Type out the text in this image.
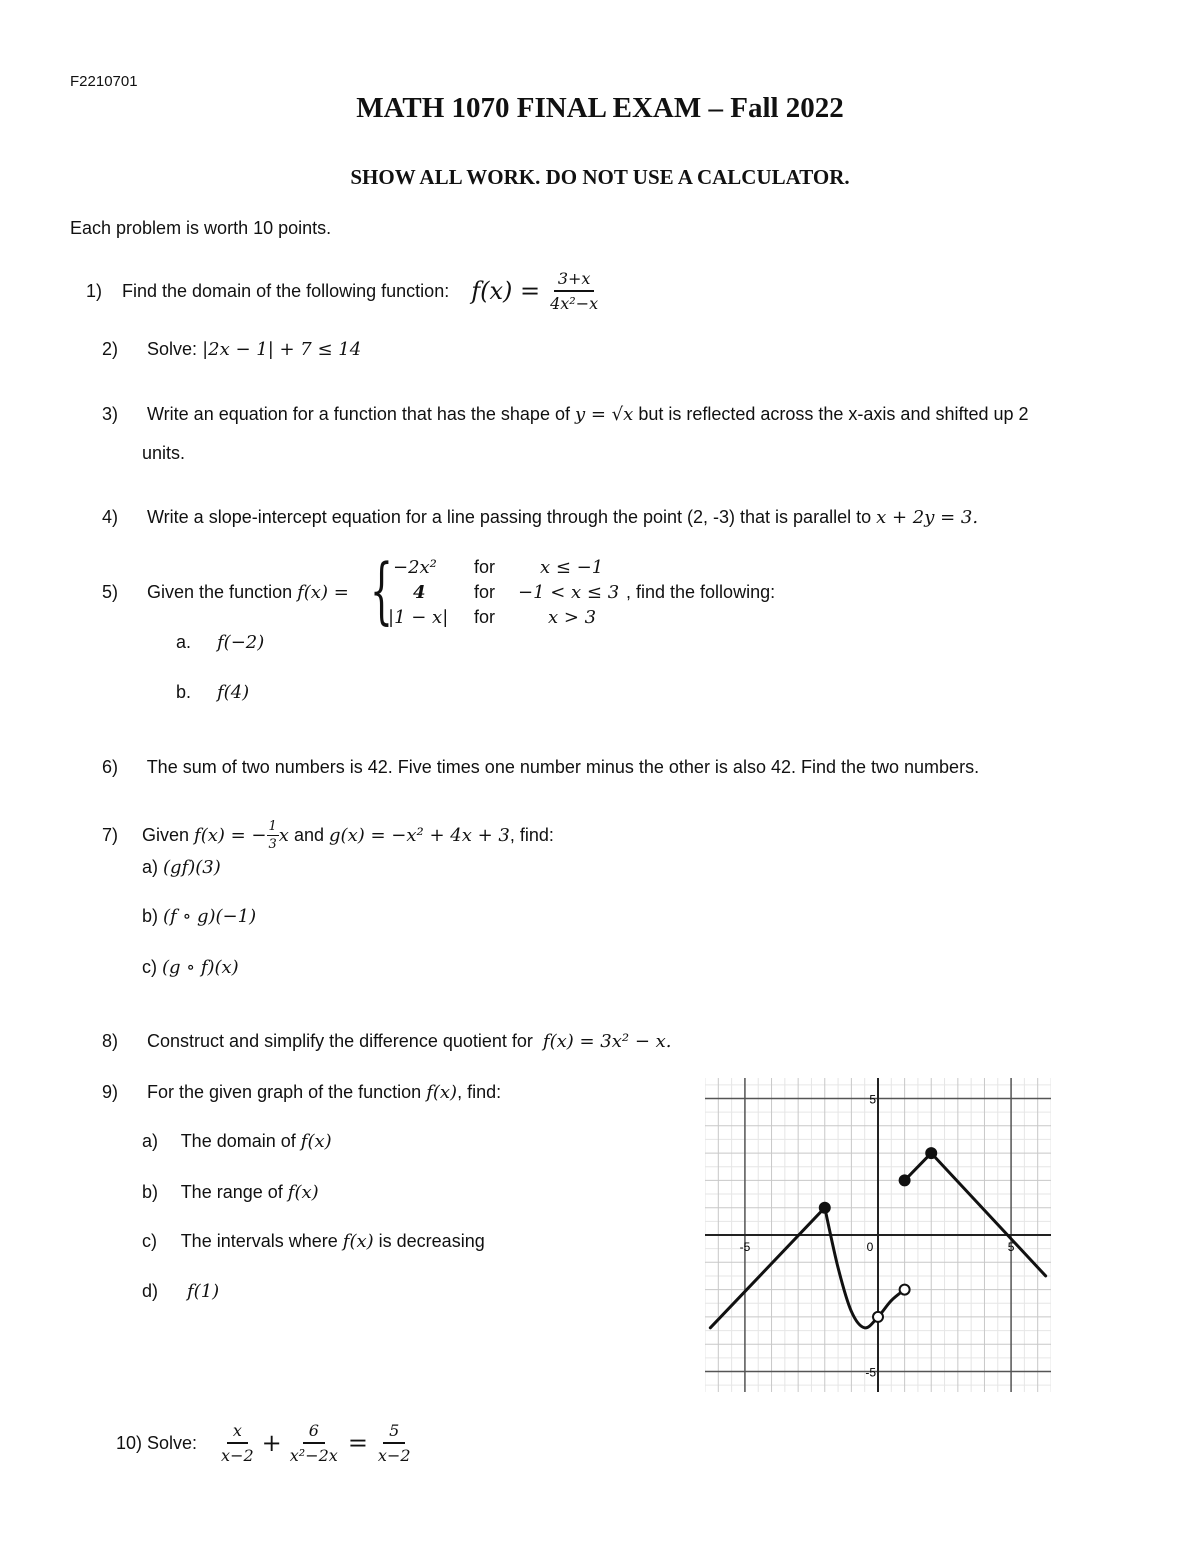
F2210701
MATH 1070 FINAL EXAM – Fall 2022
SHOW ALL WORK. DO NOT USE A CALCULATOR.
Each problem is worth 10 points.
1)	Find the domain of the following function: $f(x) = \frac{3+x}{\text{4x²−x}}$
2) Solve: |2x − 1| + 7 ≤ 14
3) Write an equation for a function that has the shape of y = √x but is reflected across the x-axis and shifted up 2
units.
4) Write a slope-intercept equation for a line passing through the point (2, -3) that is parallel to x + 2y = 3.
5) Given the function f(x) = { −2x² for x ≤ −1
4	for −1 < x ≤ 3 , find the following:
|1 − x| for	x > 3
a. f(−2)
b. f(4)
6) The sum of two numbers is 42. Five times one number minus the other is also 42. Find the two numbers.
7)	Given
f(x) = − $\frac{1}{3}$ x
and
g(x) = −x² + 4x + 3 , find:
a) (gf)(3)
b) (f ∘ g)(−1)
c) (g ∘ f)(x)
8) Construct and simplify the difference quotient for f(x) = 3x² − x.
9) For the given graph of the function f(x), find:
a) The domain of f(x)
b) The range of f(x)
c) The intervals where f(x) is decreasing
d) f(1)
-5	0	5
5
-5
10)
Solve: $\frac{x}{x-2} + \frac{6}{\text{x²−2x}} = \frac{5}{x-2}$
